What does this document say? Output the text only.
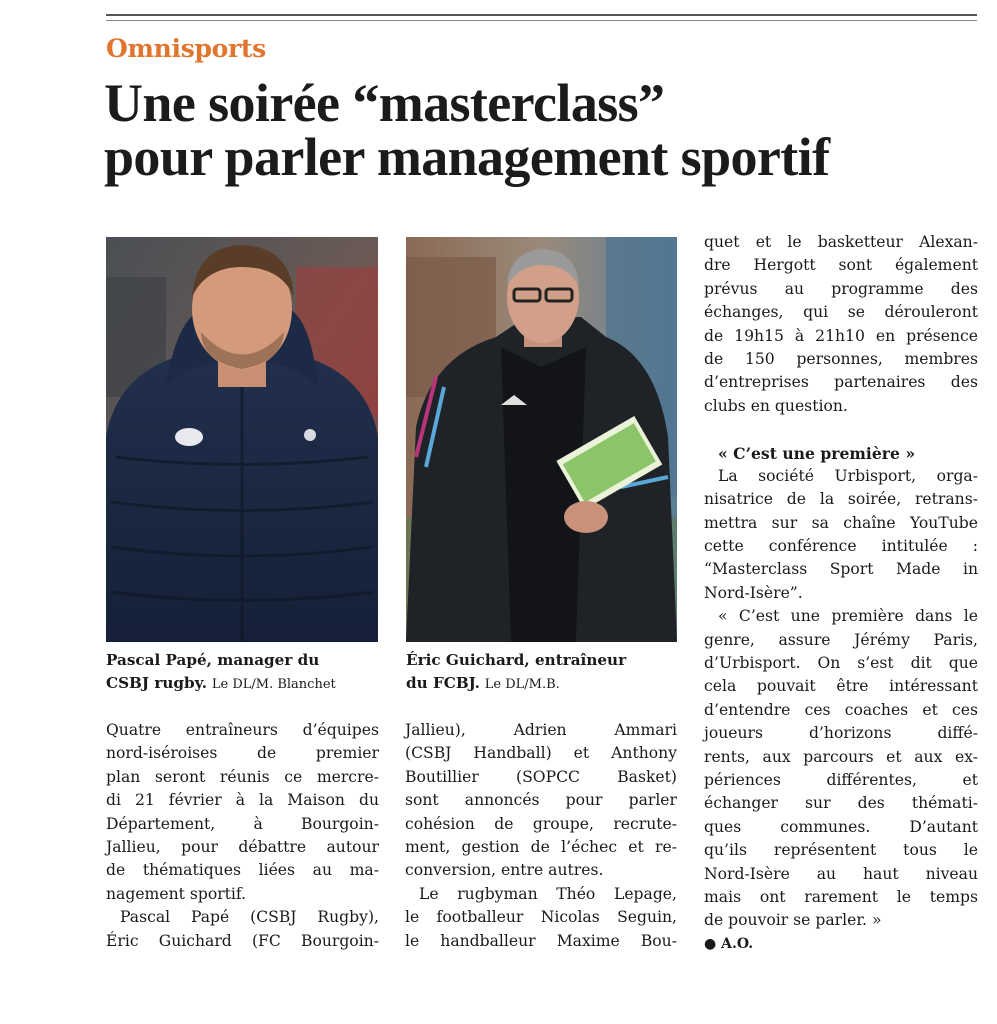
Omnisports
Une soirée “masterclass”
pour parler management sportif
Pascal Papé, manager du
CSBJ rugby. Le DL/M. Blanchet
Éric Guichard, entraîneur
du FCBJ. Le DL/M.B.
Quatre entraîneurs d’équipes
nord-iséroises de premier
plan seront réunis ce mercre-
di 21 février à la Maison du
Département, à Bourgoin-
Jallieu, pour débattre autour
de thématiques liées au ma-
nagement sportif.
Pascal Papé (CSBJ Rugby),
Éric Guichard (FC Bourgoin-
Jallieu), Adrien Ammari
(CSBJ Handball) et Anthony
Boutillier (SOPCC Basket)
sont annoncés pour parler
cohésion de groupe, recrute-
ment, gestion de l’échec et re-
conversion, entre autres.
Le rugbyman Théo Lepage,
le footballeur Nicolas Seguin,
le handballeur Maxime Bou-
quet et le basketteur Alexan-
dre Hergott sont également
prévus au programme des
échanges, qui se dérouleront
de 19h15 à 21h10 en présence
de 150 personnes, membres
d’entreprises partenaires des
clubs en question.
« C’est une première »
La société Urbisport, orga-
nisatrice de la soirée, retrans-
mettra sur sa chaîne YouTube
cette conférence intitulée :
“Masterclass Sport Made in
Nord-Isère”.
« C’est une première dans le
genre, assure Jérémy Paris,
d’Urbisport. On s’est dit que
cela pouvait être intéressant
d’entendre ces coaches et ces
joueurs d’horizons diffé-
rents, aux parcours et aux ex-
périences différentes, et
échanger sur des thémati-
ques communes. D’autant
qu’ils représentent tous le
Nord-Isère au haut niveau
mais ont rarement le temps
de pouvoir se parler. »
● A.O.
